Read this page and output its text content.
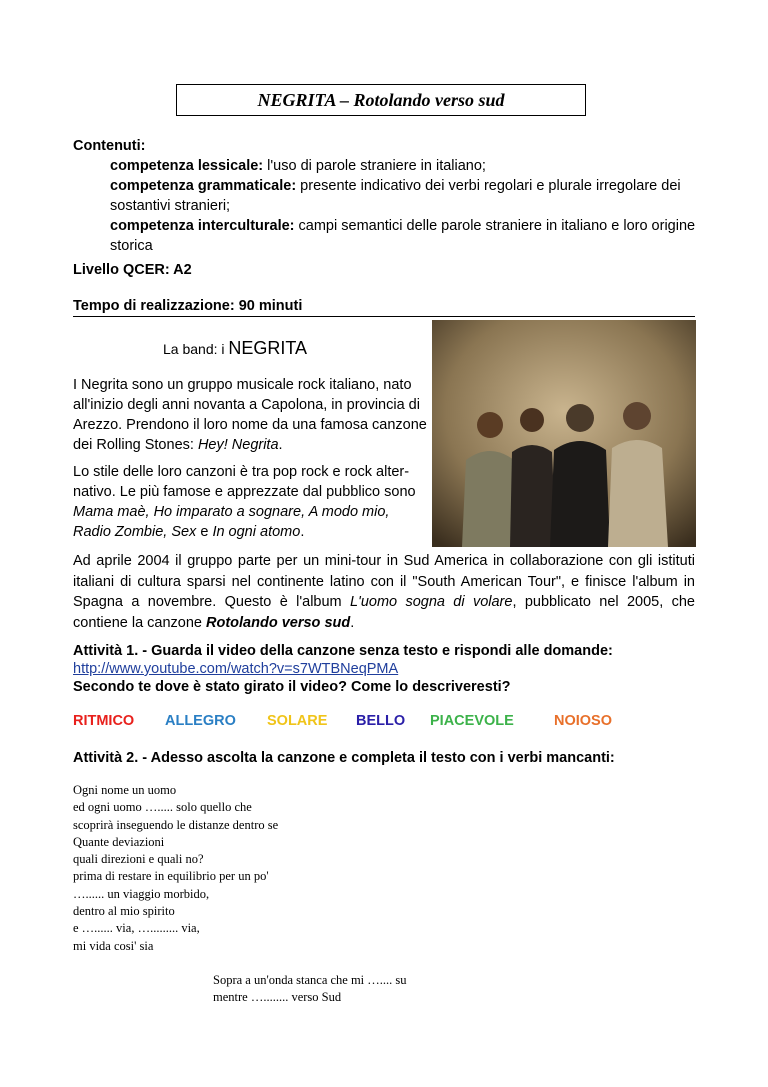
NEGRITA – Rotolando verso sud
Contenuti:
competenza lessicale: l'uso di parole straniere in italiano;
competenza grammaticale: presente indicativo dei verbi regolari e plurale irregolare dei sostantivi stranieri;
competenza interculturale: campi semantici delle parole straniere in italiano e loro origine storica
Livello QCER: A2
Tempo di realizzazione: 90 minuti
La band: i NEGRITA
I Negrita sono un gruppo musicale rock italiano, nato all'inizio degli anni novanta a Capolona, in provincia di Arezzo. Prendono il loro nome da una famosa canzone dei Rolling Stones: Hey! Negrita.
Lo stile delle loro canzoni è tra pop rock e rock alter-nativo. Le più famose e apprezzate dal pubblico sono Mama maè, Ho imparato a sognare, A modo mio, Radio Zombie, Sex e In ogni atomo.
Ad aprile 2004 il gruppo parte per un mini-tour in Sud America in collaborazione con gli istituti italiani di cultura sparsi nel continente latino con il "South American Tour", e finisce l'album in Spagna a novembre. Questo è l'album L'uomo sogna di volare, pubblicato nel 2005, che contiene la canzone Rotolando verso sud.
Attività 1. - Guarda il video della canzone senza testo e rispondi alle domande:
http://www.youtube.com/watch?v=s7WTBNeqPMA
Secondo te dove è stato girato il video? Come lo descriveresti?
RITMICO ALLEGRO SOLARE BELLO PIACEVOLE	NOIOSO
Attività 2. - Adesso ascolta la canzone e completa il testo con i verbi mancanti:
Ogni nome un uomo
ed ogni uomo …..... solo quello che
scoprirà inseguendo le distanze dentro se
Quante deviazioni
quali direzioni e quali no?
prima di restare in equilibrio per un po'
…...... un viaggio morbido,
dentro al mio spirito
e …...... via, …......... via,
mi vida cosi' sia
Sopra a un'onda stanca che mi ….... su
mentre …........ verso Sud
